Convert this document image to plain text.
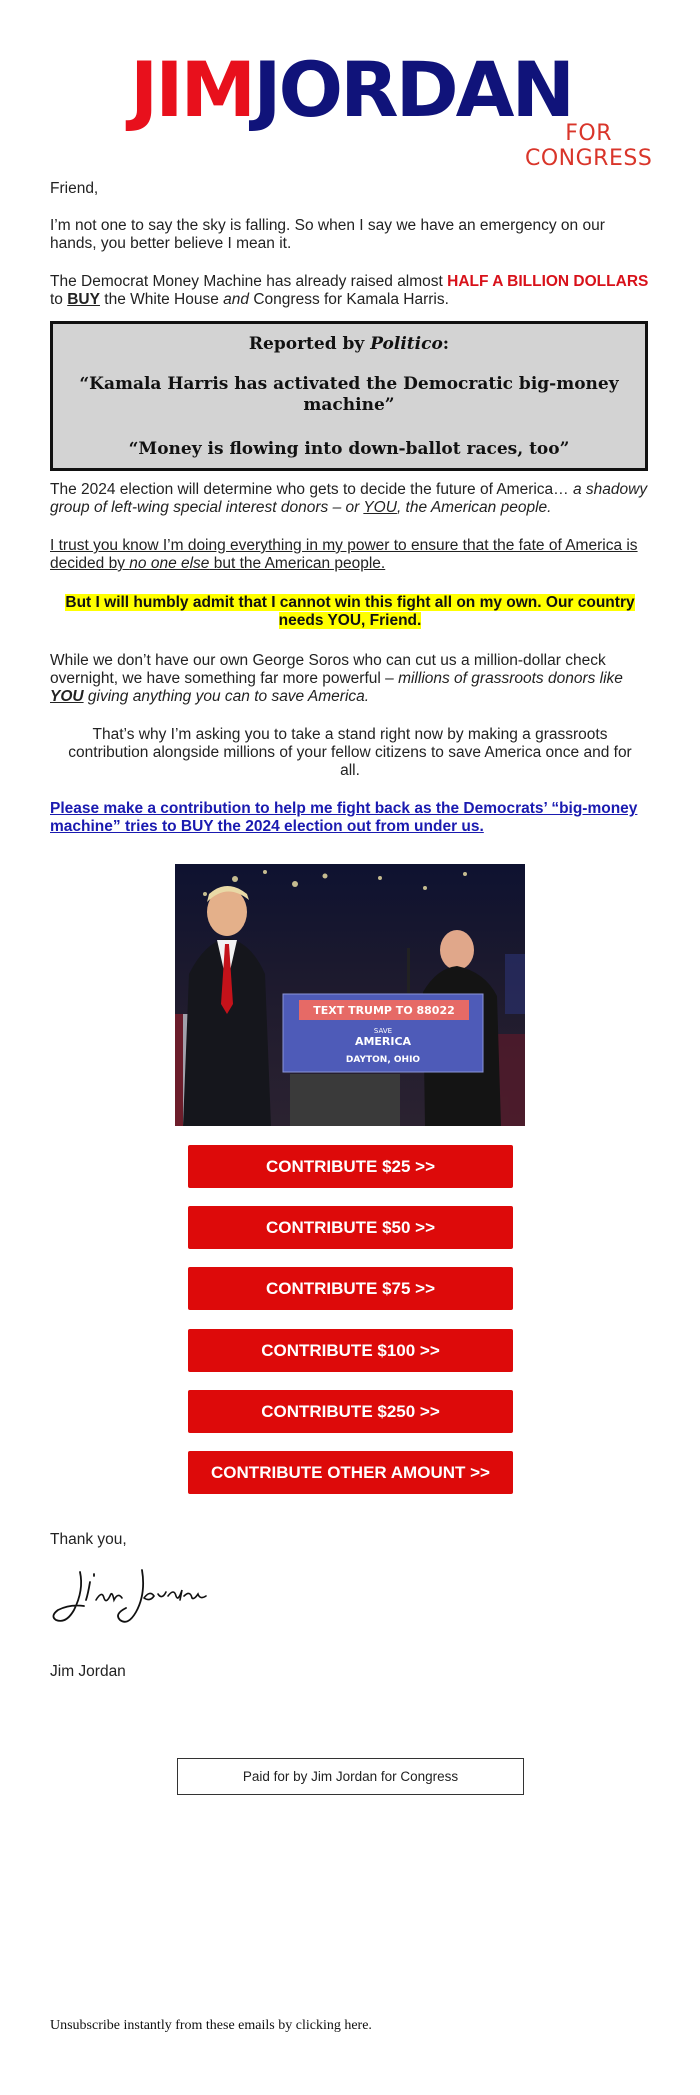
JIMJORDAN
FOR CONGRESS

Friend,

I’m not one to say the sky is falling. So when I say we have an emergency on our hands, you better believe I mean it.

The Democrat Money Machine has already raised almost HALF A BILLION DOLLARS to BUY the White House and Congress for Kamala Harris.

Reported by Politico:
“Kamala Harris has activated the Democratic big-money machine”
“Money is flowing into down-ballot races, too”

The 2024 election will determine who gets to decide the future of America… a shadowy group of left-wing special interest donors – or YOU, the American people.

I trust you know I’m doing everything in my power to ensure that the fate of America is decided by no one else but the American people.

But I will humbly admit that I cannot win this fight all on my own. Our country needs YOU, Friend.

While we don’t have our own George Soros who can cut us a million-dollar check overnight, we have something far more powerful – millions of grassroots donors like YOU giving anything you can to save America.

That’s why I’m asking you to take a stand right now by making a grassroots contribution alongside millions of your fellow citizens to save America once and for all.

Please make a contribution to help me fight back as the Democrats’ “big-money machine” tries to BUY the 2024 election out from under us.

TEXT TRUMP TO 88022
SAVE
AMERICA
DAYTON, OHIO
CONTRIBUTE $25 >>
CONTRIBUTE $50 >>
CONTRIBUTE $75 >>
CONTRIBUTE $100 >>
CONTRIBUTE $250 >>
CONTRIBUTE OTHER AMOUNT >>

Thank you,

Jim Jordan

Paid for by Jim Jordan for Congress
Unsubscribe instantly from these emails by clicking here.
